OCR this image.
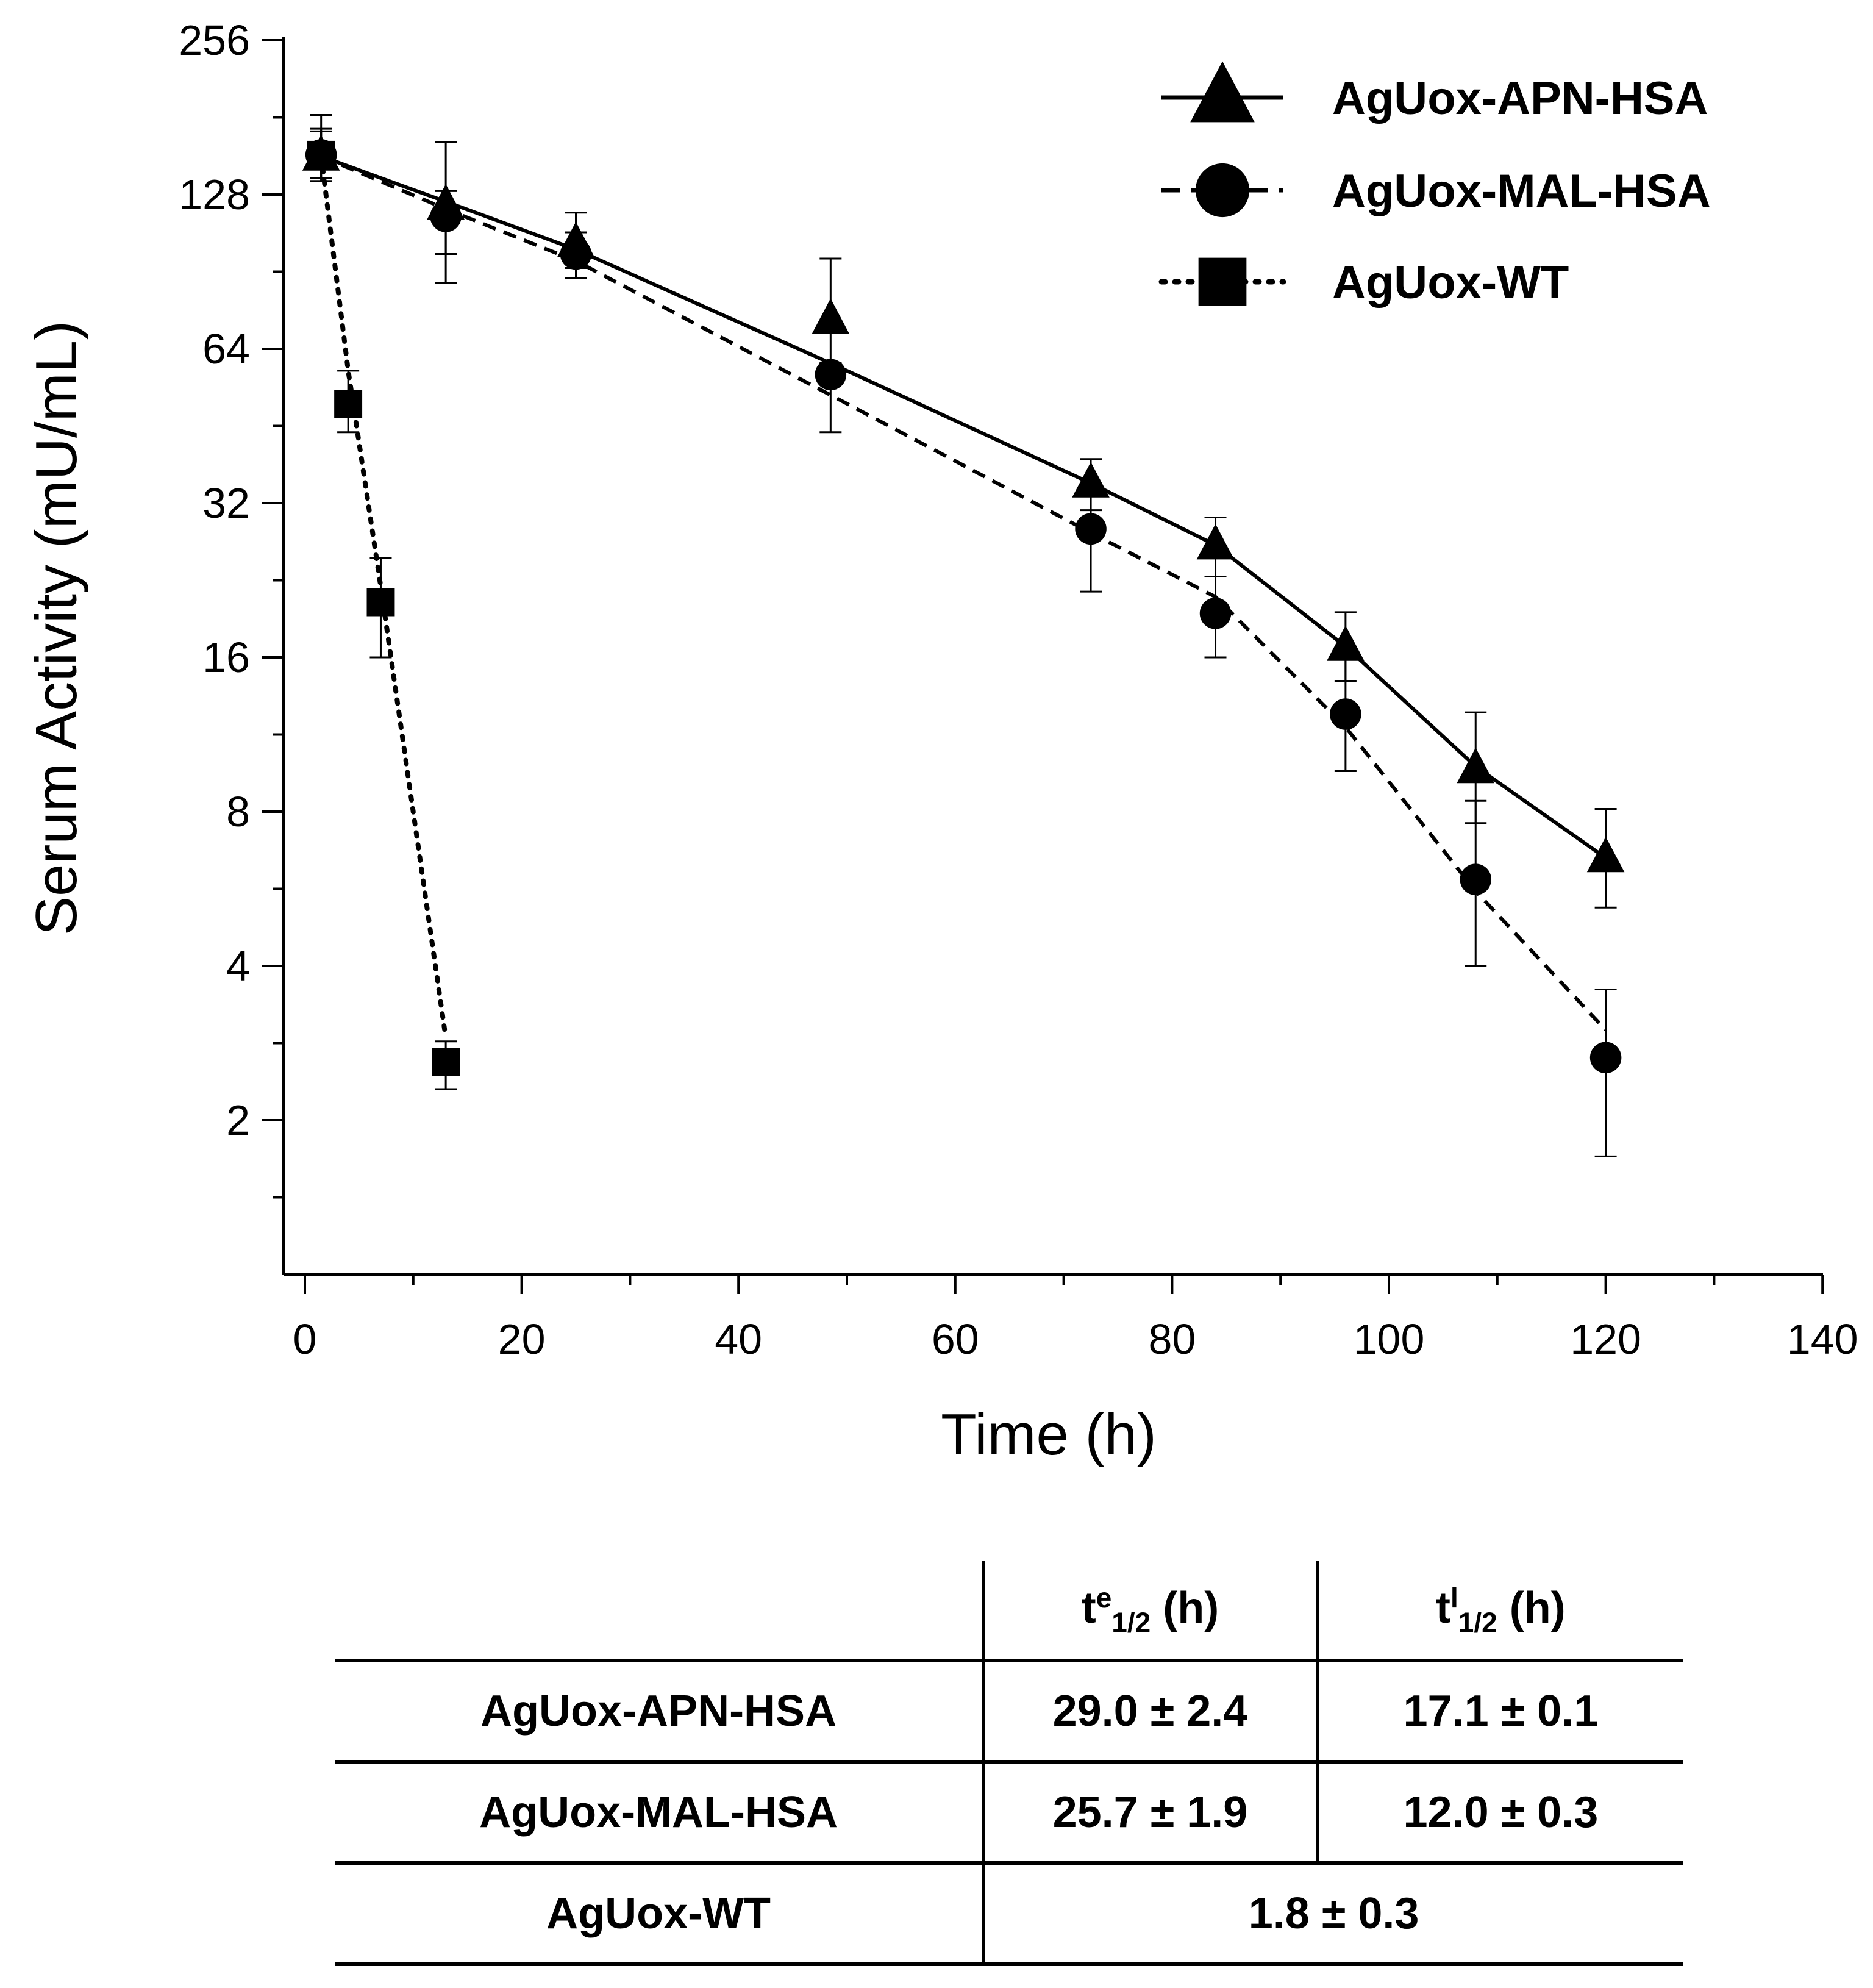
0	20	40	60	80	100	120	140
2
4
8
16
32
64
128
256
AgUox-APN-HSA
AgUox-MAL-HSA
AgUox-WT
Time (h)
Serum Activity (mU/mL)
	$t^e_{1/2}$ (h)	$t^l_{1/2}$ (h)
AgUox-APN-HSA	29.0 ± 2.4	17.1 ± 0.1
AgUox-MAL-HSA	25.7 ± 1.9	12.0 ± 0.3
AgUox-WT	1.8 ± 0.3	
